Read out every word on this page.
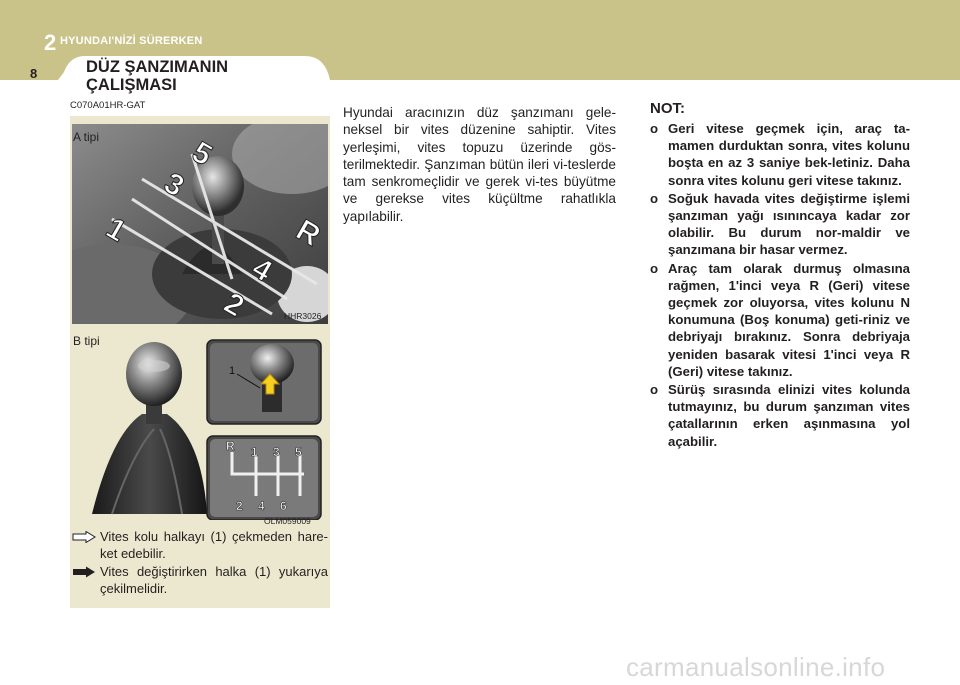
2 HYUNDAI'NİZİ SÜRERKEN
8	DÜZ ŞANZIMANIN
ÇALIŞMASI
C070A01HR-GAT
1
2
3
4
5
R
A tipi
HHR3026
B tipi
1
R 1 3 5
2 4 6
OLM059009
Vites kolu halkayı (1) çekmeden hare-ket edebilir.
Vites değiştirirken halka (1) yukarıya çekilmelidir.
Hyundai aracınızın düz şanzımanı gele-neksel bir vites düzenine sahiptir. Vites yerleşimi, vites topuzu üzerinde gös-terilmektedir. Şanzıman bütün ileri vi-teslerde tam senkromeçlidir ve gerek vi-tes büyütme ve gerekse vites küçültme rahatlıkla yapılabilir.
NOT:
o Geri vitese geçmek için, araç ta-mamen durduktan sonra, vites kolunu boşta en az 3 saniye bek-letiniz. Daha sonra vites kolunu geri vitese takınız.
o Soğuk havada vites değiştirme işlemi şanzıman yağı ısınıncaya kadar zor olabilir. Bu durum nor-maldir ve şanzımana bir hasar vermez.
o Araç tam olarak durmuş olmasına rağmen, 1'inci veya R (Geri) vitese geçmek zor oluyorsa, vites kolunu N konumuna (Boş konuma) geti-riniz ve debriyajı bırakınız. Sonra debriyaja yeniden basarak vitesi 1'inci veya R (Geri) vitese takınız.
o Sürüş sırasında elinizi vites kolunda tutmayınız, bu durum şanzıman vites çatallarının erken aşınmasına yol açabilir.
carmanualsonline.info
